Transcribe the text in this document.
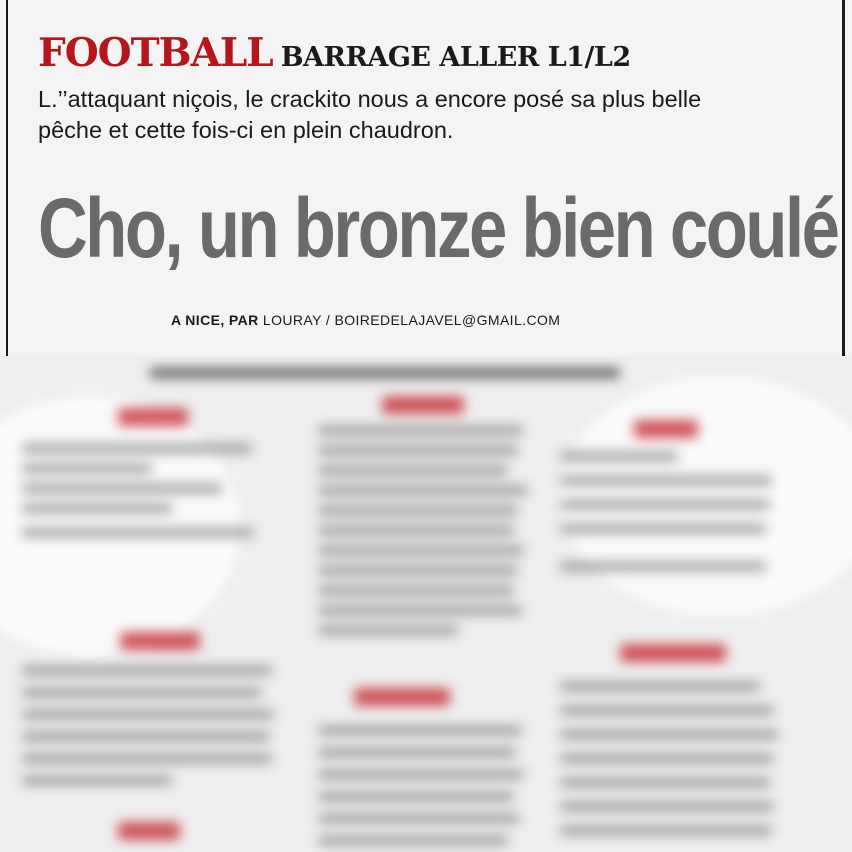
FOOTBALL BARRAGE ALLER L1/L2
L.’’attaquant niçois, le crackito nous a encore posé sa plus belle
pêche et cette fois-ci en plein chaudron.
Cho, un bronze bien coulé
A NICE, PAR LOURAY / BOIREDELAJAVEL@GMAIL.COM
